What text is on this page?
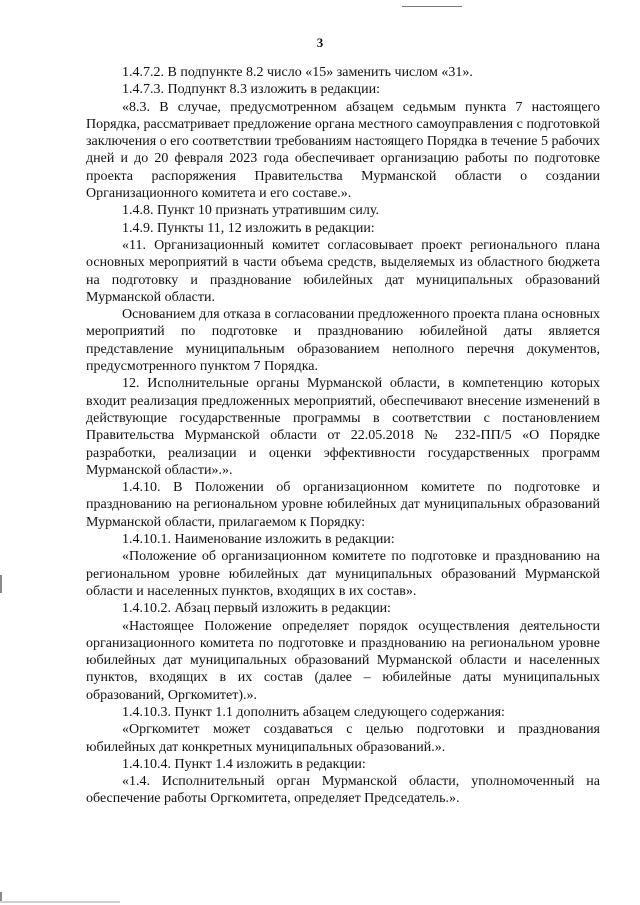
3

1.4.7.2. В подпункте 8.2 число «15» заменить числом «31».

1.4.7.3. Подпункт 8.3 изложить в редакции:

«8.3. В случае, предусмотренном абзацем седьмым пункта 7 настоящего Порядка, рассматривает предложение органа местного самоуправления с подготовкой заключения о его соответствии требованиям настоящего Порядка в течение 5 рабочих дней и до 20 февраля 2023 года обеспечивает организацию работы по подготовке проекта распоряжения Правительства Мурманской области о создании Организационного комитета и его составе.».

1.4.8. Пункт 10 признать утратившим силу.

1.4.9. Пункты 11, 12 изложить в редакции:

«11. Организационный комитет согласовывает проект регионального плана основных мероприятий в части объема средств, выделяемых из областного бюджета на подготовку и празднование юбилейных дат муниципальных образований Мурманской области.

Основанием для отказа в согласовании предложенного проекта плана основных мероприятий по подготовке и празднованию юбилейной даты является представление муниципальным образованием неполного перечня документов, предусмотренного пунктом 7 Порядка.

12. Исполнительные органы Мурманской области, в компетенцию которых входит реализация предложенных мероприятий, обеспечивают внесение изменений в действующие государственные программы в соответствии с постановлением Правительства Мурманской области от 22.05.2018 № 232-ПП/5 «О Порядке разработки, реализации и оценки эффективности государственных программ Мурманской области».».

1.4.10. В Положении об организационном комитете по подготовке и празднованию на региональном уровне юбилейных дат муниципальных образований Мурманской области, прилагаемом к Порядку:

1.4.10.1. Наименование изложить в редакции:

«Положение об организационном комитете по подготовке и празднованию на региональном уровне юбилейных дат муниципальных образований Мурманской области и населенных пунктов, входящих в их состав».

1.4.10.2. Абзац первый изложить в редакции:

«Настоящее Положение определяет порядок осуществления деятельности организационного комитета по подготовке и празднованию на региональном уровне юбилейных дат муниципальных образований Мурманской области и населенных пунктов, входящих в их состав (далее – юбилейные даты муниципальных образований, Оргкомитет).».

1.4.10.3. Пункт 1.1 дополнить абзацем следующего содержания:

«Оргкомитет может создаваться с целью подготовки и празднования юбилейных дат конкретных муниципальных образований.».

1.4.10.4. Пункт 1.4 изложить в редакции:

«1.4. Исполнительный орган Мурманской области, уполномоченный на обеспечение работы Оргкомитета, определяет Председатель.».
